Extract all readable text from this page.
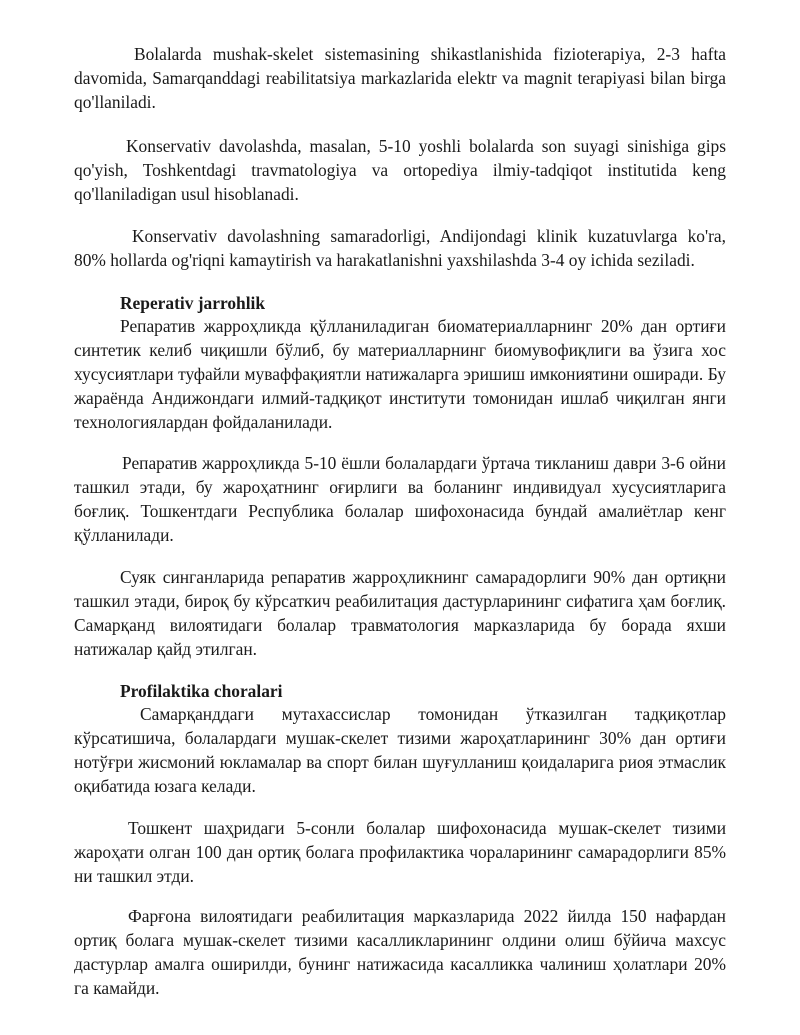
Bolalarda mushak-skelet sistemasining shikastlanishida fizioterapiya, 2-3 hafta davomida, Samarqanddagi reabilitatsiya markazlarida elektr va magnit terapiyasi bilan birga qo'llaniladi.

Konservativ davolashda, masalan, 5-10 yoshli bolalarda son suyagi sinishiga gips qo'yish, Toshkentdagi travmatologiya va ortopediya ilmiy-tadqiqot institutida keng qo'llaniladigan usul hisoblanadi.

Konservativ davolashning samaradorligi, Andijondagi klinik kuzatuvlarga ko'ra, 80% hollarda og'riqni kamaytirish va harakatlanishni yaxshilashda 3-4 oy ichida seziladi.

Reperativ jarrohlik

Репаратив жарроҳликда қўлланиладиган биоматериалларнинг 20% дан ортиғи синтетик келиб чиқишли бўлиб, бу материалларнинг биомувофиқлиги ва ўзига хос хусусиятлари туфайли муваффақиятли натижаларга эришиш имкониятини оширади. Бу жараёнда Андижондаги илмий-тадқиқот институти томонидан ишлаб чиқилган янги технологиялардан фойдаланилади.

Репаратив жарроҳликда 5-10 ёшли болалардаги ўртача тикланиш даври 3-6 ойни ташкил этади, бу жароҳатнинг оғирлиги ва боланинг индивидуал хусусиятларига боғлиқ. Тошкентдаги Республика болалар шифохонасида бундай амалиётлар кенг қўлланилади.

Суяк синганларида репаратив жарроҳликнинг самарадорлиги 90% дан ортиқни ташкил этади, бироқ бу кўрсаткич реабилитация дастурларининг сифатига ҳам боғлиқ. Самарқанд вилоятидаги болалар травматология марказларида бу борада яхши натижалар қайд этилган.

Profilaktika choralari

Самарқанддаги мутахассислар томонидан ўтказилган тадқиқотлар кўрсатишича, болалардаги мушак-скелет тизими жароҳатларининг 30% дан ортиғи нотўғри жисмоний юкламалар ва спорт билан шуғулланиш қоидаларига риоя этмаслик оқибатида юзага келади.

Тошкент шаҳридаги 5-сонли болалар шифохонасида мушак-скелет тизими жароҳати олган 100 дан ортиқ болага профилактика чораларининг самарадорлиги 85% ни ташкил этди.

Фарғона вилоятидаги реабилитация марказларида 2022 йилда 150 нафардан ортиқ болага мушак-скелет тизими касалликларининг олдини олиш бўйича махсус дастурлар амалга оширилди, бунинг натижасида касалликка чалиниш ҳолатлари 20% га камайди.
